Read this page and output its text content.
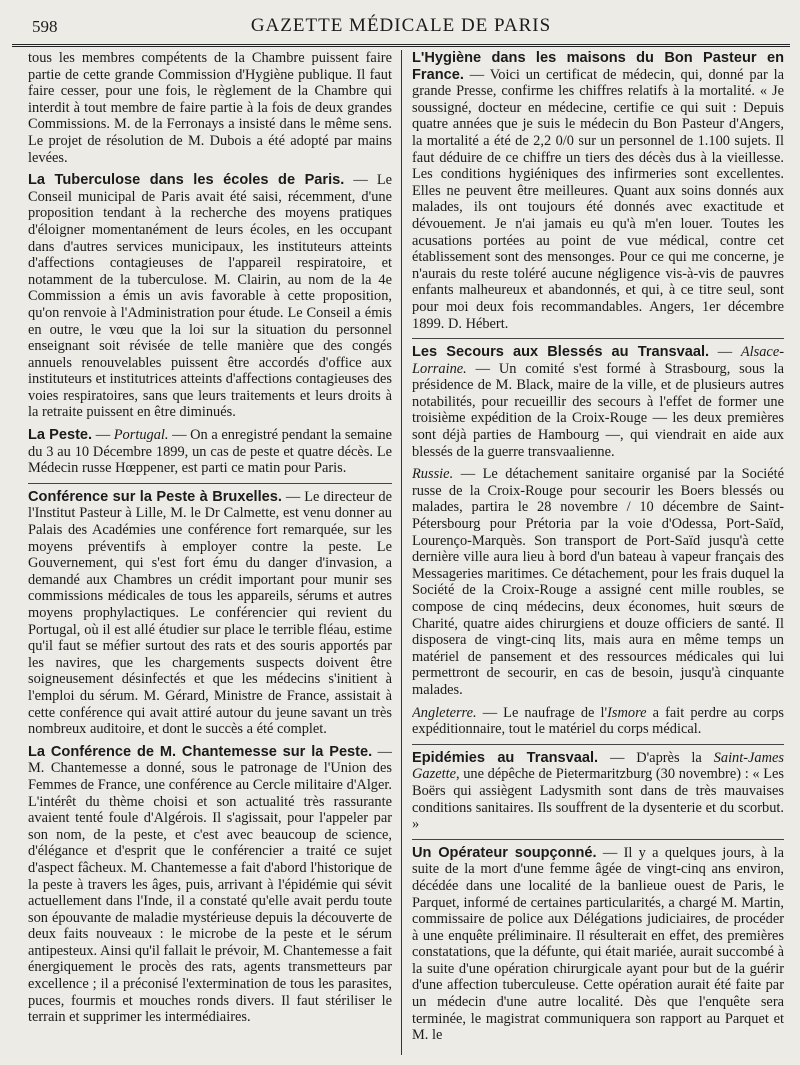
598	GAZETTE MÉDICALE DE PARIS

tous les membres compétents de la Chambre puissent faire partie de cette grande Commission d'Hygiène publique. Il faut faire cesser, pour une fois, le règlement de la Chambre qui interdit à tout membre de faire partie à la fois de deux grandes Commissions. M. de la Ferronays a insisté dans le même sens. Le projet de résolution de M. Dubois a été adopté par mains levées.

La Tuberculose dans les écoles de Paris. — Le Conseil municipal de Paris avait été saisi, récemment, d'une proposition tendant à la recherche des moyens pratiques d'éloigner momentanément de leurs écoles, en les occupant dans d'autres services municipaux, les instituteurs atteints d'affections contagieuses de l'appareil respiratoire, et notamment de la tuberculose. M. Clairin, au nom de la 4e Commission a émis un avis favorable à cette proposition, qu'on renvoie à l'Administration pour étude. Le Conseil a émis en outre, le vœu que la loi sur la situation du personnel enseignant soit révisée de telle manière que des congés annuels renouvelables puissent être accordés d'office aux instituteurs et institutrices atteints d'affections contagieuses des voies respiratoires, sans que leurs traitements et leurs droits à la retraite puissent en être diminués.

La Peste. — Portugal. — On a enregistré pendant la semaine du 3 au 10 Décembre 1899, un cas de peste et quatre décès. Le Médecin russe Hœppener, est parti ce matin pour Paris.

Conférence sur la Peste à Bruxelles. — Le directeur de l'Institut Pasteur à Lille, M. le Dr Calmette, est venu donner au Palais des Académies une conférence fort remarquée, sur les moyens préventifs à employer contre la peste. Le Gouvernement, qui s'est fort ému du danger d'invasion, a demandé aux Chambres un crédit important pour munir ses commissions médicales de tous les appareils, sérums et autres moyens prophylactiques. Le conférencier qui revient du Portugal, où il est allé étudier sur place le terrible fléau, estime qu'il faut se méfier surtout des rats et des souris apportés par les navires, que les chargements suspects doivent être soigneusement désinfectés et que les médecins s'initient à l'emploi du sérum. M. Gérard, Ministre de France, assistait à cette conférence qui avait attiré autour du jeune savant un très nombreux auditoire, et dont le succès a été complet.

La Conférence de M. Chantemesse sur la Peste. — M. Chantemesse a donné, sous le patronage de l'Union des Femmes de France, une conférence au Cercle militaire d'Alger. L'intérêt du thème choisi et son actualité très rassurante avaient tenté foule d'Algérois. Il s'agissait, pour l'appeler par son nom, de la peste, et c'est avec beaucoup de science, d'élégance et d'esprit que le conférencier a traité ce sujet d'aspect fâcheux. M. Chantemesse a fait d'abord l'historique de la peste à travers les âges, puis, arrivant à l'épidémie qui sévit actuellement dans l'Inde, il a constaté qu'elle avait perdu toute son épouvante de maladie mystérieuse depuis la découverte de deux faits nouveaux : le microbe de la peste et le sérum antipesteux. Ainsi qu'il fallait le prévoir, M. Chantemesse a fait énergiquement le procès des rats, agents transmetteurs par excellence ; il a préconisé l'extermination de tous les parasites, puces, fourmis et mouches ronds divers. Il faut stériliser le terrain et supprimer les intermédiaires.

L'Hygiène dans les maisons du Bon Pasteur en France. — Voici un certificat de médecin, qui, donné par la grande Presse, confirme les chiffres relatifs à la mortalité. « Je soussigné, docteur en médecine, certifie ce qui suit : Depuis quatre années que je suis le médecin du Bon Pasteur d'Angers, la mortalité a été de 2,2 0/0 sur un personnel de 1.100 sujets. Il faut déduire de ce chiffre un tiers des décès dus à la vieillesse. Les conditions hygiéniques des infirmeries sont excellentes. Elles ne peuvent être meilleures. Quant aux soins donnés aux malades, ils ont toujours été donnés avec exactitude et dévouement. Je n'ai jamais eu qu'à m'en louer. Toutes les acusations portées au point de vue médical, contre cet établissement sont des mensonges. Pour ce qui me concerne, je n'aurais du reste toléré aucune négligence vis-à-vis de pauvres enfants malheureux et abandonnés, et qui, à ce titre seul, sont pour moi deux fois recommandables. Angers, 1er décembre 1899. D. Hébert.

Les Secours aux Blessés au Transvaal. — Alsace-Lorraine. — Un comité s'est formé à Strasbourg, sous la présidence de M. Black, maire de la ville, et de plusieurs autres notabilités, pour recueillir des secours à l'effet de former une troisième expédition de la Croix-Rouge — les deux premières sont déjà parties de Hambourg —, qui viendrait en aide aux blessés de la guerre transvaalienne.

Russie. — Le détachement sanitaire organisé par la Société russe de la Croix-Rouge pour secourir les Boers blessés ou malades, partira le 28 novembre / 10 décembre de Saint-Pétersbourg pour Prétoria par la voie d'Odessa, Port-Saïd, Lourenço-Marquès. Son transport de Port-Saïd jusqu'à cette dernière ville aura lieu à bord d'un bateau à vapeur français des Messageries maritimes. Ce détachement, pour les frais duquel la Société de la Croix-Rouge a assigné cent mille roubles, se compose de cinq médecins, deux économes, huit sœurs de Charité, quatre aides chirurgiens et douze officiers de santé. Il disposera de vingt-cinq lits, mais aura en même temps un matériel de pansement et des ressources médicales qui lui permettront de secourir, en cas de besoin, jusqu'à cinquante malades.

Angleterre. — Le naufrage de l'Ismore a fait perdre au corps expéditionnaire, tout le matériel du corps médical.

Epidémies au Transvaal. — D'après la Saint-James Gazette, une dépêche de Pietermaritzburg (30 novembre) : « Les Boërs qui assiègent Ladysmith sont dans de très mauvaises conditions sanitaires. Ils souffrent de la dysenterie et du scorbut. »

Un Opérateur soupçonné. — Il y a quelques jours, à la suite de la mort d'une femme âgée de vingt-cinq ans environ, décédée dans une localité de la banlieue ouest de Paris, le Parquet, informé de certaines particularités, a chargé M. Martin, commissaire de police aux Délégations judiciaires, de procéder à une enquête préliminaire. Il résulterait en effet, des premières constatations, que la défunte, qui était mariée, aurait succombé à la suite d'une opération chirurgicale ayant pour but de la guérir d'une affection tuberculeuse. Cette opération aurait été faite par un médecin d'une autre localité. Dès que l'enquête sera terminée, le magistrat communiquera son rapport au Parquet et M. le
